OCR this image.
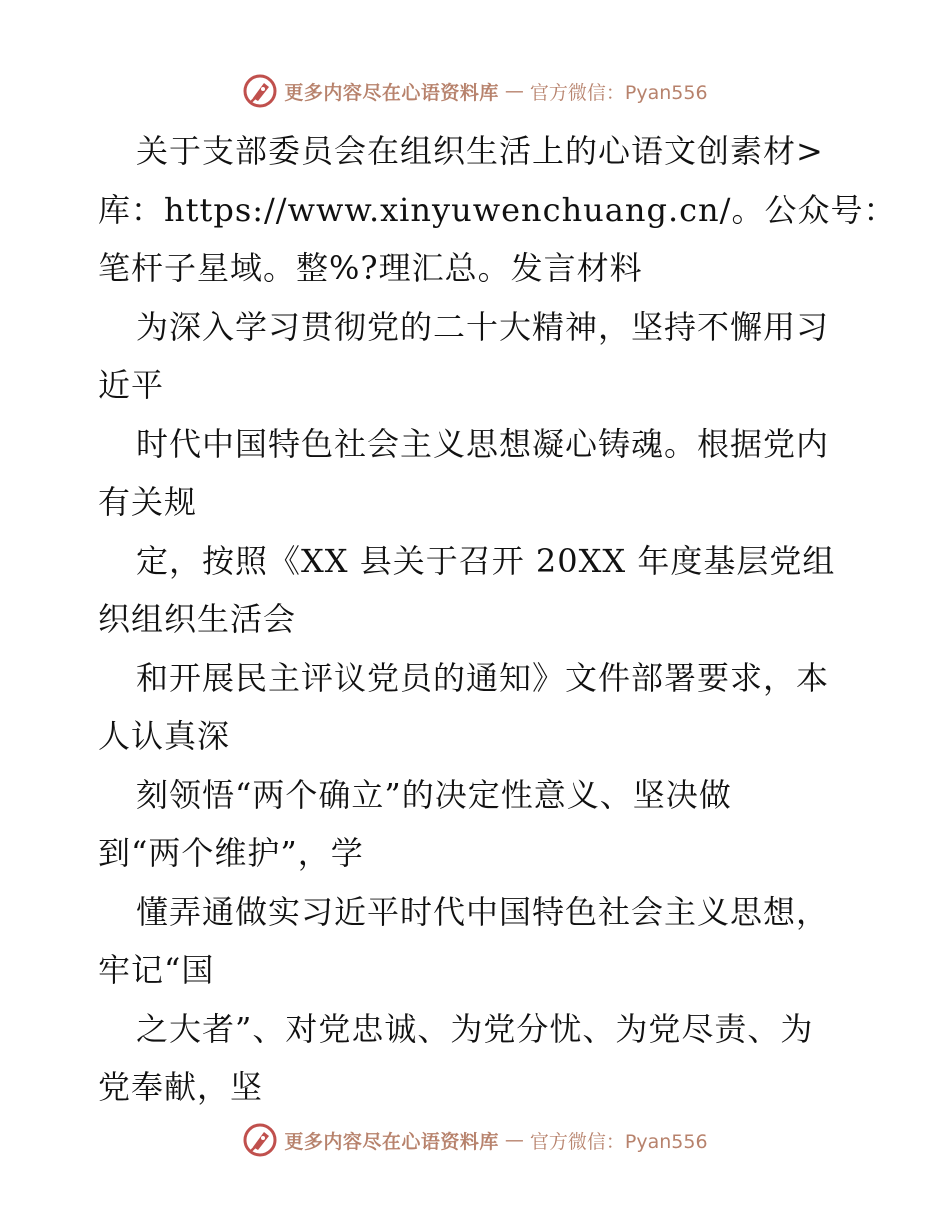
更多内容尽在心语资料库 — 官方微信：Pyan556
关于支部委员会在组织生活上的心语文创素材>
库：https://www.xinyuwenchuang.cn/。公众号：
笔杆子星域。整%?理汇总。发言材料
为深入学习贯彻党的二十大精神，坚持不懈用习
近平
时代中国特色社会主义思想凝心铸魂。根据党内
有关规
定，按照《XX 县关于召开 20XX 年度基层党组
织组织生活会
和开展民主评议党员的通知》文件部署要求，本
人认真深
刻领悟“两个确立”的决定性意义、坚决做
到“两个维护”，学
懂弄通做实习近平时代中国特色社会主义思想，
牢记“国
之大者”、对党忠诚、为党分忧、为党尽责、为
党奉献，坚
更多内容尽在心语资料库 — 官方微信：Pyan556
